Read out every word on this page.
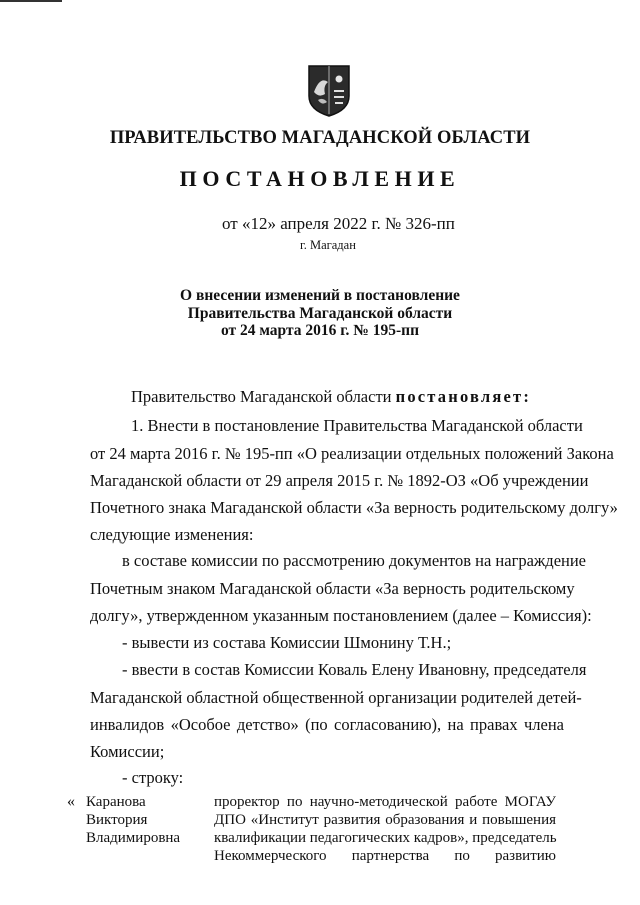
ПРАВИТЕЛЬСТВО МАГАДАНСКОЙ ОБЛАСТИ
ПОСТАНОВЛЕНИЕ
от «12» апреля 2022 г. № 326-пп
г. Магадан
О внесении изменений в постановление
Правительства Магаданской области
от 24 марта 2016 г. № 195-пп
Правительство Магаданской области постановляет:
1. Внести в постановление Правительства Магаданской области
от 24 марта 2016 г. № 195-пп «О реализации отдельных положений Закона
Магаданской области от 29 апреля 2015 г. № 1892-ОЗ «Об учреждении
Почетного знака Магаданской области «За верность родительскому долгу»
следующие изменения:
в составе комиссии по рассмотрению документов на награждение
Почетным знаком Магаданской области «За верность родительскому
долгу», утвержденном указанным постановлением (далее – Комиссия):
- вывести из состава Комиссии Шмонину Т.Н.;
- ввести в состав Комиссии Коваль Елену Ивановну, председателя
Магаданской областной общественной организации родителей детей-
инвалидов «Особое детство» (по согласованию), на правах члена
Комиссии;
- строку:
« Каранова
Виктория
Владимировна
проректор по научно-методической работе МОГАУ
ДПО «Институт развития образования и повышения
квалификации педагогических кадров», председатель
Некоммерческого партнерства по развитию
